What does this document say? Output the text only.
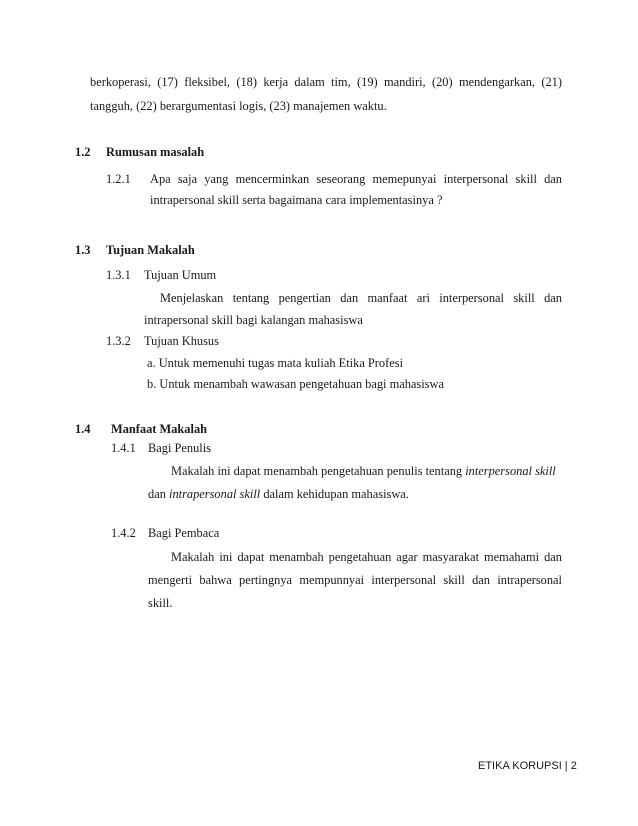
berkoperasi, (17) fleksibel, (18) kerja dalam tim, (19) mandiri, (20) mendengarkan, (21)
tangguh, (22) berargumentasi logis, (23) manajemen waktu.
1.2 Rumusan masalah
1.2.1 Apa saja yang mencerminkan seseorang memepunyai interpersonal skill dan
intrapersonal skill serta bagaimana cara implementasinya ?
1.3 Tujuan Makalah
1.3.1 Tujuan Umum
Menjelaskan tentang pengertian dan manfaat ari interpersonal skill dan
intrapersonal skill bagi kalangan mahasiswa
1.3.2 Tujuan Khusus
a. Untuk memenuhi tugas mata kuliah Etika Profesi
b. Untuk menambah wawasan pengetahuan bagi mahasiswa
1.4 Manfaat Makalah
1.4.1 Bagi Penulis
Makalah ini dapat menambah pengetahuan penulis tentang interpersonal skill
dan intrapersonal skill dalam kehidupan mahasiswa.
1.4.2 Bagi Pembaca
Makalah ini dapat menambah pengetahuan agar masyarakat memahami dan
mengerti bahwa pertingnya mempunnyai interpersonal skill dan intrapersonal
skill.
ETIKA KORUPSI | 2
